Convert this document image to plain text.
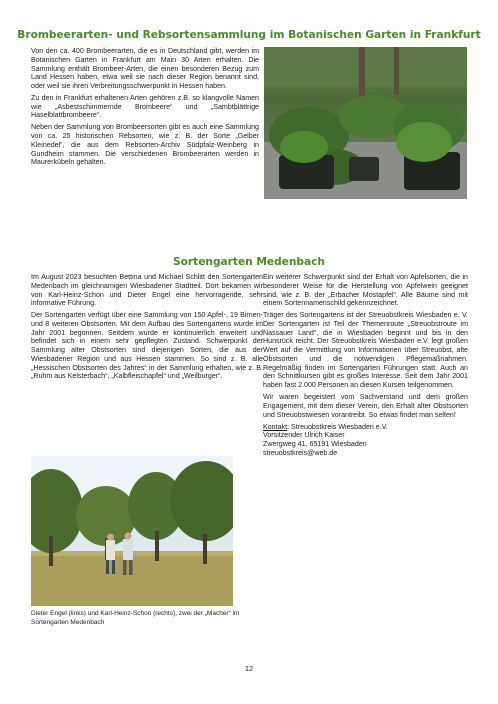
Brombeerarten- und Rebsortensammlung im Botanischen Garten in Frankfurt

Von den ca. 400 Brombeerarten, die es in Deutschland gibt, werden im Botanischen Garten in Frankfurt am Main 30 Arten erhalten. Die Sammlung enthält Brombeer-Arten, die einen besonderen Bezug zum Land Hessen haben, etwa weil sie nach dieser Region benannt sind, oder weil sie ihren Verbreitungsschwerpunkt in Hessen haben.

Zu den in Frankfurt erhaltenen Arten gehören z.B. so klangvolle Namen wie „Asbestschimmernde Brombeere“ und „Sambtblättrige Haselblattbrombeere“.

Neben der Sammlung von Brombeersorten gibt es auch eine Sammlung von ca. 25 historischen Rebsorten, wie z. B. der Sorte „Gelber Kleinedel“, die aus dem Rebsorten-Archiv Südpfalz-Weinberg in Gundheim stammen. Die verschiedenen Brombeerarten werden in Maurerkübeln gehalten.

Sortengarten Medenbach

Im August 2023 besuchten Bettina und Michael Schlitt den Sortengarten Medenbach im gleichnamigen Wiesbadener Stadtteil. Dort bekamen wir von Karl-Heinz-Schon und Dieter Engel eine hervorragende, sehr informative Führung.

Der Sortengarten verfügt über eine Sammlung von 150 Apfel-, 19 Birnen- und 8 weiteren Obstsorten. Mit dem Aufbau des Sortengartens wurde im Jahr 2001 begonnen. Seitdem wurde er kontinuierlich erweitert und befindet sich in einem sehr gepflegten Zustand. Schwerpunkt der Sammlung alter Obstsorten sind diejenigen Sorten, die aus der Wiesbadener Region und aus Hessen stammen. So sind z. B. alle „Hessischen Obstsorten des Jahres“ in der Sammlung erhalten, wie z. B. „Ruhm aus Kelsterbach“, „Kalbfleischapfel“ und „Weilburger“.

Dieter Engel (links) und Karl-Heinz-Schon (rechts), zwei der „Macher“ im Sortengarten Medenbach

Ein weiterer Schwerpunkt sind der Erhalt von Apfelsorten, die in besonderer Weise für die Herstellung von Apfelwein geeignet sind, wie z. B. der „Erbacher Mostapfel“. Alle Bäume sind mit einem Sortennamenschild gekennzeichnet.

Träger des Sortengartens ist der Streuobstkreis Wiesbaden e. V. Der Sortengarten ist Teil der Themenroute „Streuobstroute im Nassauer Land“, die in Wiesbaden beginnt und bis in den Hunsrück reicht. Der Streuobstkreis Wiesbaden e.V. legt großen Wert auf die Vermittlung von Informationen über Streuobst, alte Obstsorten und die notwendigen Pflegemaßnahmen. Regelmäßig finden im Sortengarten Führungen statt. Auch an den Schnittkursen gibt es großes Interesse. Seit dem Jahr 2001 haben fast 2.000 Personen an diesen Kursen teilgenommen.

Wir waren begeistert vom Sachverstand und dem großen Engagement, mit dem dieser Verein, den Erhalt alter Obstsorten und Streuobstwiesen vorantreibt. So etwas findet man selten!

Kontakt: Streuobstkreis Wiesbaden e.V.
Vorsitzender Ulrich Kaiser
Zwergweg 41, 65191 Wiesbaden
streuobstkreis@web.de
12
